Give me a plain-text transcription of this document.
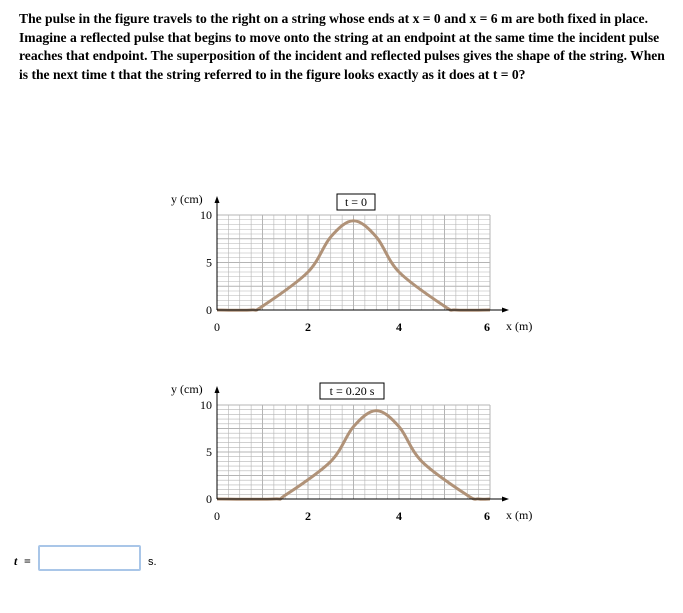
The pulse in the figure travels to the right on a string whose ends at x = 0 and x = 6 m are both fixed in place. Imagine a reflected pulse that begins to move onto the string at an endpoint at the same time the incident pulse reaches that endpoint. The superposition of the incident and reflected pulses gives the shape of the string. When is the next time t that the string referred to in the figure looks exactly as it does at t = 0?

y (cm)
x (m)
0
5
10
0	2	4	6
t = 0
y (cm)
x (m)
0
5
10
0	2	4	6
t = 0.20 s
t =	s.
